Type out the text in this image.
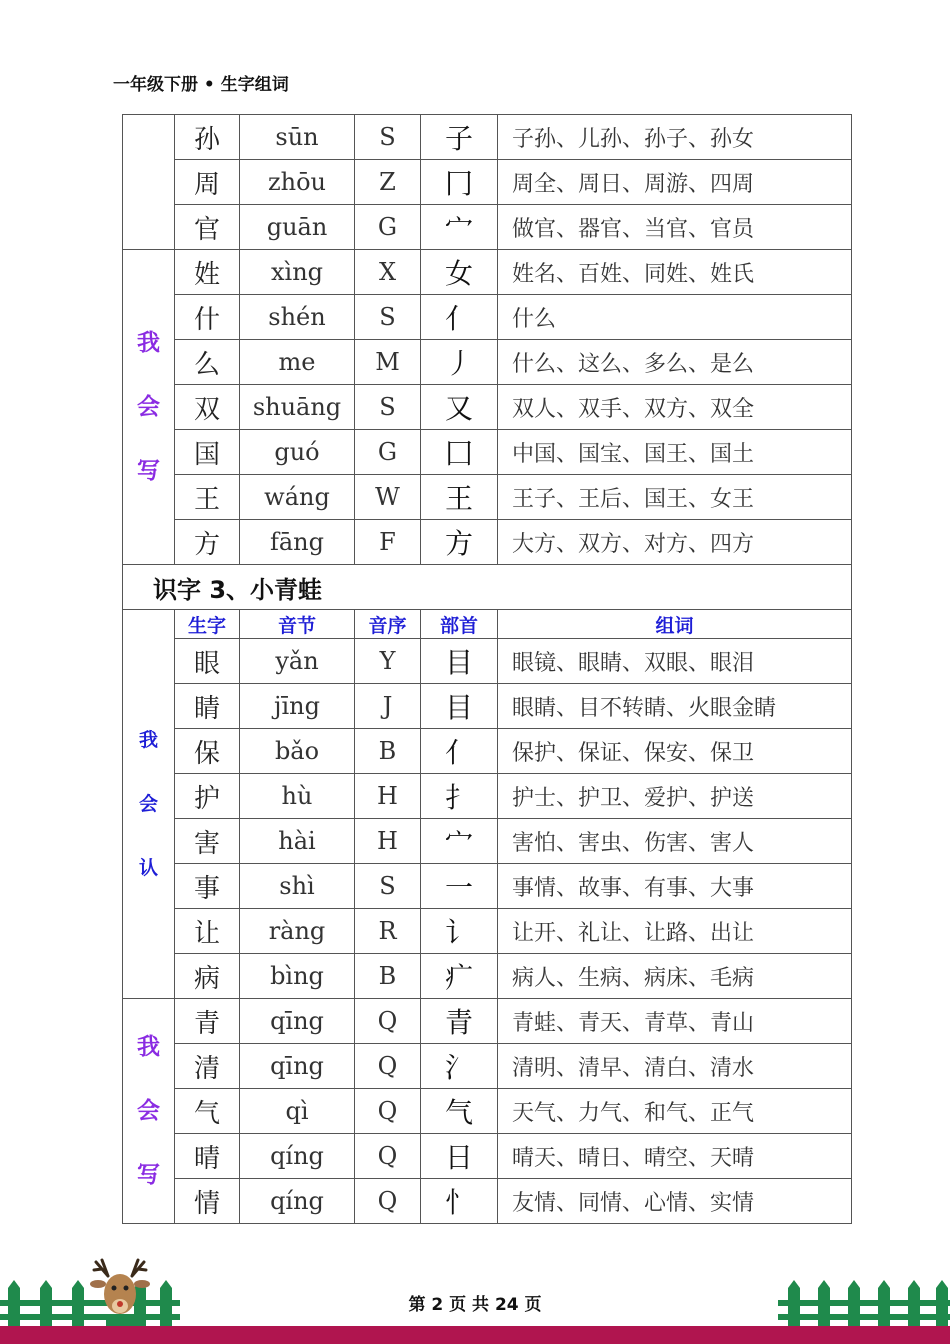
一年级下册 • 生字组词
	孙	sūn	S	子	子孙、儿孙、孙子、孙女
	周	zhōu	Z	冂	周全、周日、周游、四周
	官	guān	G	宀	做官、器官、当官、官员

我
会
写	姓	xìng	X	女	姓名、百姓、同姓、姓氏
	什	shén	S	亻	什么
	么	me	M	丿	什么、这么、多么、是么
	双	shuāng	S	又	双人、双手、双方、双全
	国	guó	G	囗	中国、国宝、国王、国土
	王	wáng	W	王	王子、王后、国王、女王
	方	fāng	F	方	大方、双方、对方、四方
识字 3、小青蛙					

我
会
认	生字	音节	音序	部首	组词
	眼	yǎn	Y	目	眼镜、眼睛、双眼、眼泪
	睛	jīng	J	目	眼睛、目不转睛、火眼金睛
	保	bǎo	B	亻	保护、保证、保安、保卫
	护	hù	H	扌	护士、护卫、爱护、护送
	害	hài	H	宀	害怕、害虫、伤害、害人
	事	shì	S	一	事情、故事、有事、大事
	让	ràng	R	讠	让开、礼让、让路、出让
	病	bìng	B	疒	病人、生病、病床、毛病

我
会
写	青	qīng	Q	青	青蛙、青天、青草、青山
	清	qīng	Q	氵	清明、清早、清白、清水
	气	qì	Q	气	天气、力气、和气、正气
	晴	qíng	Q	日	晴天、晴日、晴空、天晴
	情	qíng	Q	忄	友情、同情、心情、实情
第 2 页 共 24 页
